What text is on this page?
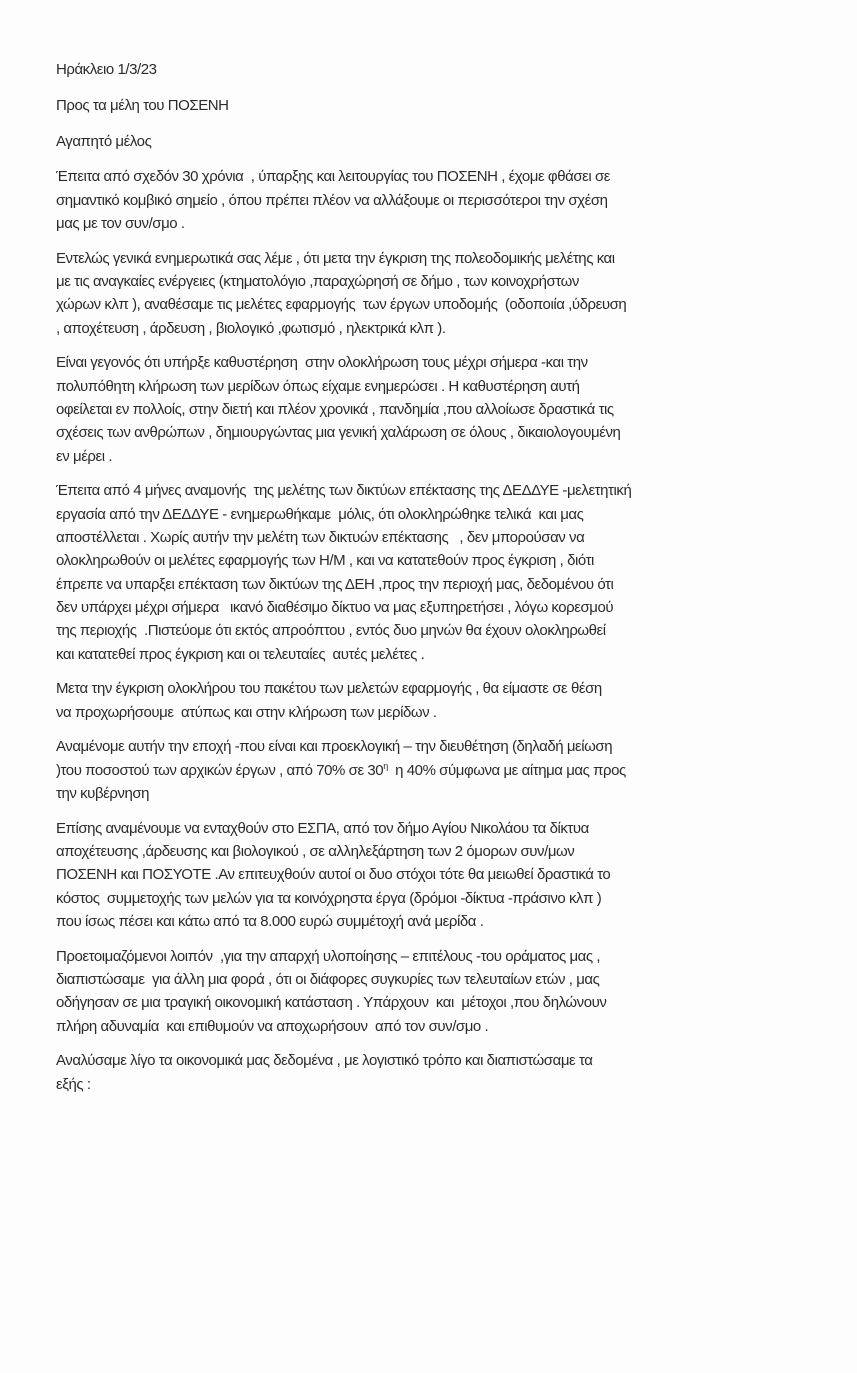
Ηράκλειο 1/3/23
Προς τα μέλη του ΠΟΣΕΝΗ
Αγαπητό μέλος
Έπειτα από σχεδόν 30 χρόνια  , ύπαρξης και λειτουργίας του ΠΟΣΕΝΗ , έχομε φθάσει σε
σημαντικό κομβικό σημείο , όπου πρέπει πλέον να αλλάξουμε οι περισσότεροι την σχέση
μας με τον συν/σμο .
Εντελώς γενικά ενημερωτικά σας λέμε , ότι μετα την έγκριση της πολεοδομικής μελέτης και
με τις αναγκαίες ενέργειες (κτηματολόγιο ,παραχώρησή σε δήμο , των κοινοχρήστων
χώρων κλπ ), αναθέσαμε τις μελέτες εφαρμογής  των έργων υποδομής  (οδοποιία ,ύδρευση
, αποχέτευση , άρδευση , βιολογικό ,φωτισμό , ηλεκτρικά κλπ ).
Είναι γεγονός ότι υπήρξε καθυστέρηση  στην ολοκλήρωση τους μέχρι σήμερα -και την
πολυπόθητη κλήρωση των μερίδων όπως είχαμε ενημερώσει . Η καθυστέρηση αυτή
οφείλεται εν πολλοίς, στην διετή και πλέον χρονικά , πανδημία ,που αλλοίωσε δραστικά τις
σχέσεις των ανθρώπων , δημιουργώντας μια γενική χαλάρωση σε όλους , δικαιολογουμένη
εν μέρει .
Έπειτα από 4 μήνες αναμονής  της μελέτης των δικτύων επέκτασης της ΔΕΔΔΥΕ -μελετητική
εργασία από την ΔΕΔΔΥΕ - ενημερωθήκαμε  μόλις, ότι ολοκληρώθηκε τελικά  και μας
αποστέλλεται . Χωρίς αυτήν την μελέτη των δικτυών επέκτασης   , δεν μπορούσαν να
ολοκληρωθούν οι μελέτες εφαρμογής των Η/Μ , και να κατατεθούν προς έγκριση , διότι
έπρεπε να υπαρξει επέκταση των δικτύων της ΔΕΗ ,προς την περιοχή μας, δεδομένου ότι
δεν υπάρχει μέχρι σήμερα   ικανό διαθέσιμο δίκτυο να μας εξυπηρετήσει , λόγω κορεσμού
της περιοχής  .Πιστεύομε ότι εκτός απροόπτου , εντός δυο μηνών θα έχουν ολοκληρωθεί
και κατατεθεί προς έγκριση και οι τελευταίες  αυτές μελέτες .
Μετα την έγκριση ολοκλήρου του πακέτου των μελετών εφαρμογής , θα είμαστε σε θέση
να προχωρήσουμε  ατύπως και στην κλήρωση των μερίδων .
Αναμένομε αυτήν την εποχή -που είναι και προεκλογική – την διευθέτηση (δηλαδή μείωση
)του ποσοστού των αρχικών έργων , από 70% σε $30^\eta$  η 40% σύμφωνα με αίτημα μας προς
την κυβέρνηση
Επίσης αναμένουμε να ενταχθούν στο ΕΣΠΑ, από τον δήμο Αγίου Νικολάου τα δίκτυα
αποχέτευσης ,άρδευσης και βιολογικού , σε αλληλεξάρτηση των 2 όμορων συν/μων
ΠΟΣΕΝΗ και ΠΟΣΥΟΤΕ .Αν επιτευχθούν αυτοί οι δυο στόχοι τότε θα μειωθεί δραστικά το
κόστος  συμμετοχής των μελών για τα κοινόχρηστα έργα (δρόμοι -δίκτυα -πράσινο κλπ )
που ίσως πέσει και κάτω από τα 8.000 ευρώ συμμέτοχή ανά μερίδα .
Προετοιμαζόμενοι λοιπόν  ,για την απαρχή υλοποίησης – επιτέλους -του οράματος μας ,
διαπιστώσαμε  για άλλη μια φορά , ότι οι διάφορες συγκυρίες των τελευταίων ετών , μας
οδήγησαν σε μια τραγική οικονομική κατάσταση . Υπάρχουν  και  μέτοχοι ,που δηλώνουν
πλήρη αδυναμία  και επιθυμούν να αποχωρήσουν  από τον συν/σμο .
Αναλύσαμε λίγο τα οικονομικά μας δεδομένα , με λογιστικό τρόπο και διαπιστώσαμε τα
εξής :
